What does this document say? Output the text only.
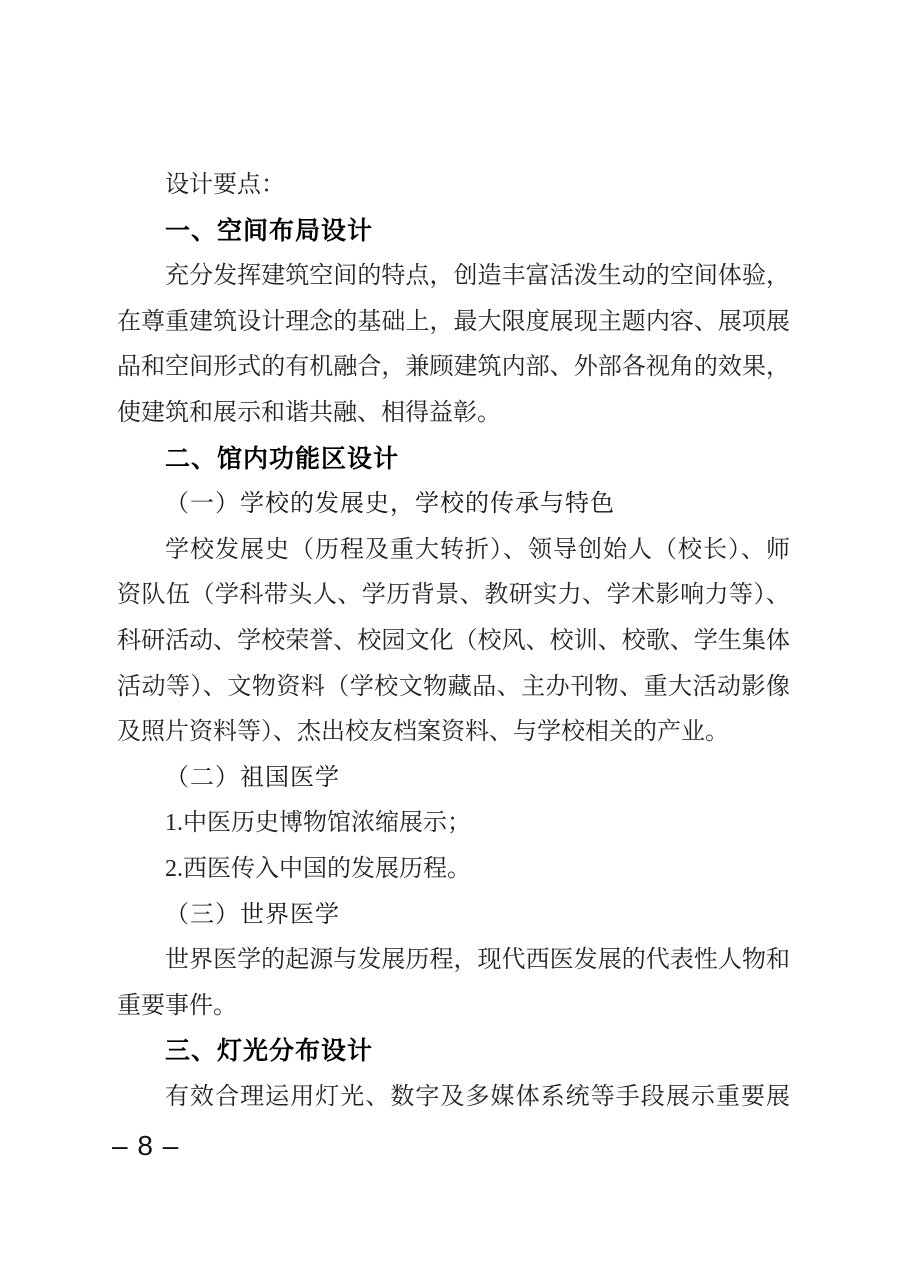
设计要点：
一、空间布局设计
充分发挥建筑空间的特点，创造丰富活泼生动的空间体验，
在尊重建筑设计理念的基础上，最大限度展现主题内容、展项展
品和空间形式的有机融合，兼顾建筑内部、外部各视角的效果，
使建筑和展示和谐共融、相得益彰。
二、馆内功能区设计
（一）学校的发展史，学校的传承与特色
学校发展史（历程及重大转折）、领导创始人（校长）、师
资队伍（学科带头人、学历背景、教研实力、学术影响力等）、
科研活动、学校荣誉、校园文化（校风、校训、校歌、学生集体
活动等）、文物资料（学校文物藏品、主办刊物、重大活动影像
及照片资料等）、杰出校友档案资料、与学校相关的产业。
（二）祖国医学
1.中医历史博物馆浓缩展示；
2.西医传入中国的发展历程。
（三）世界医学
世界医学的起源与发展历程，现代西医发展的代表性人物和
重要事件。
三、灯光分布设计
有效合理运用灯光、数字及多媒体系统等手段展示重要展
– 8 –
